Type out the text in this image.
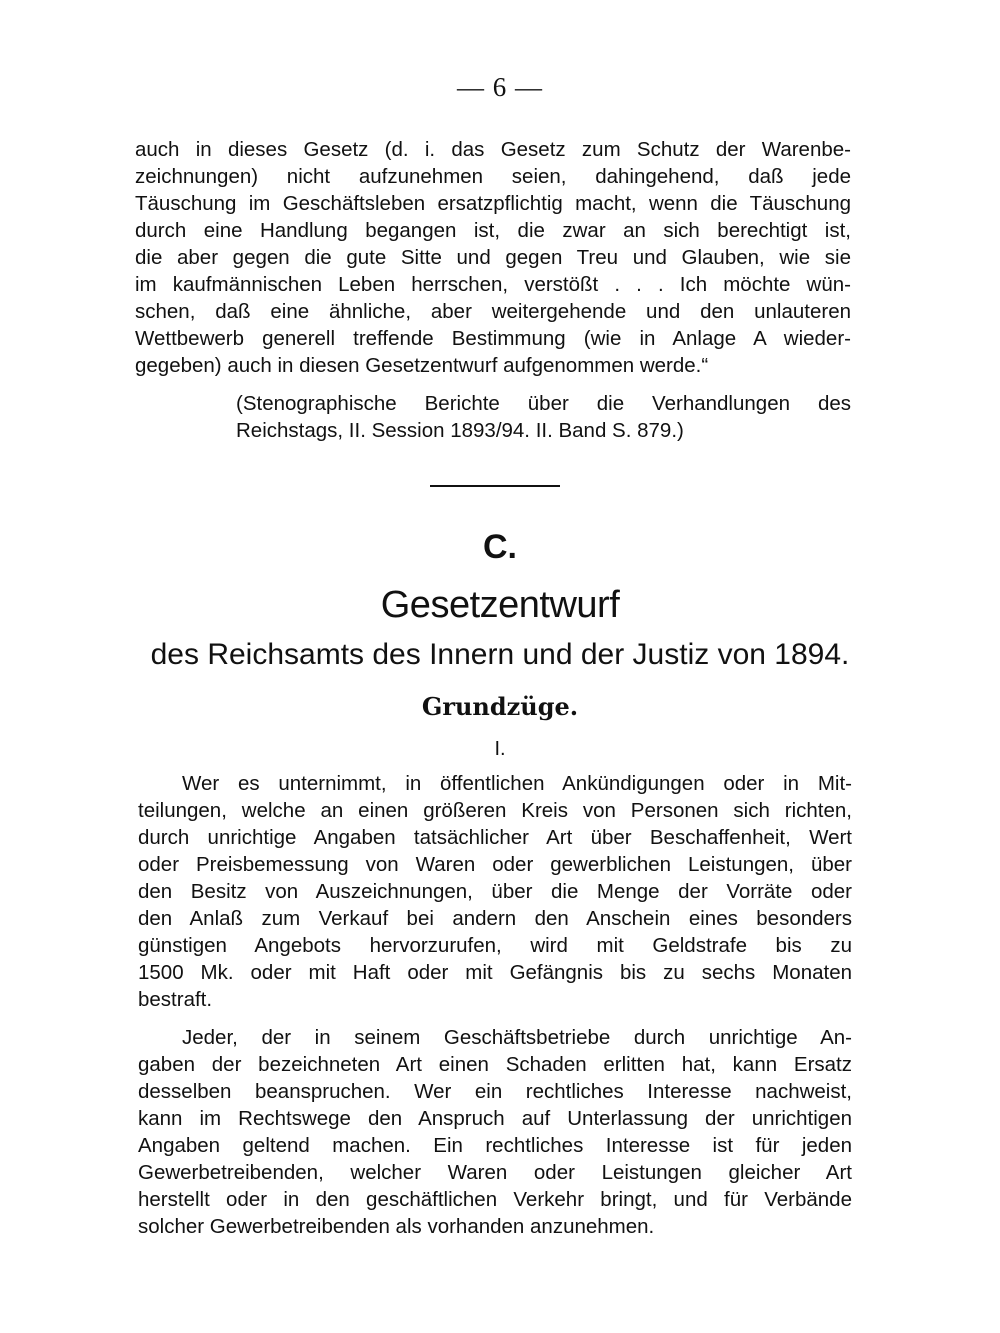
— 6 —
auch in dieses Gesetz (d. i. das Gesetz zum Schutz der Warenbe-
zeichnungen) nicht aufzunehmen seien, dahingehend, daß jede
Täuschung im Geschäftsleben ersatzpflichtig macht, wenn die Täuschung
durch eine Handlung begangen ist, die zwar an sich berechtigt ist,
die aber gegen die gute Sitte und gegen Treu und Glauben, wie sie
im kaufmännischen Leben herrschen, verstößt . . . Ich möchte wün-
schen, daß eine ähnliche, aber weitergehende und den unlauteren
Wettbewerb generell treffende Bestimmung (wie in Anlage A wieder-
gegeben) auch in diesen Gesetzentwurf aufgenommen werde.“
(Stenographische Berichte über die Verhandlungen des
Reichstags, II. Session 1893/94. II. Band S. 879.)
C.
Gesetzentwurf
des Reichsamts des Innern und der Justiz von 1894.
Grundzüge.
I.
Wer es unternimmt, in öffentlichen Ankündigungen oder in Mit-
teilungen, welche an einen größeren Kreis von Personen sich richten,
durch unrichtige Angaben tatsächlicher Art über Beschaffenheit, Wert
oder Preisbemessung von Waren oder gewerblichen Leistungen, über
den Besitz von Auszeichnungen, über die Menge der Vorräte oder
den Anlaß zum Verkauf bei andern den Anschein eines besonders
günstigen Angebots hervorzurufen, wird mit Geldstrafe bis zu
1500 Mk. oder mit Haft oder mit Gefängnis bis zu sechs Monaten
bestraft.
Jeder, der in seinem Geschäftsbetriebe durch unrichtige An-
gaben der bezeichneten Art einen Schaden erlitten hat, kann Ersatz
desselben beanspruchen. Wer ein rechtliches Interesse nachweist,
kann im Rechtswege den Anspruch auf Unterlassung der unrichtigen
Angaben geltend machen. Ein rechtliches Interesse ist für jeden
Gewerbetreibenden, welcher Waren oder Leistungen gleicher Art
herstellt oder in den geschäftlichen Verkehr bringt, und für Verbände
solcher Gewerbetreibenden als vorhanden anzunehmen.
